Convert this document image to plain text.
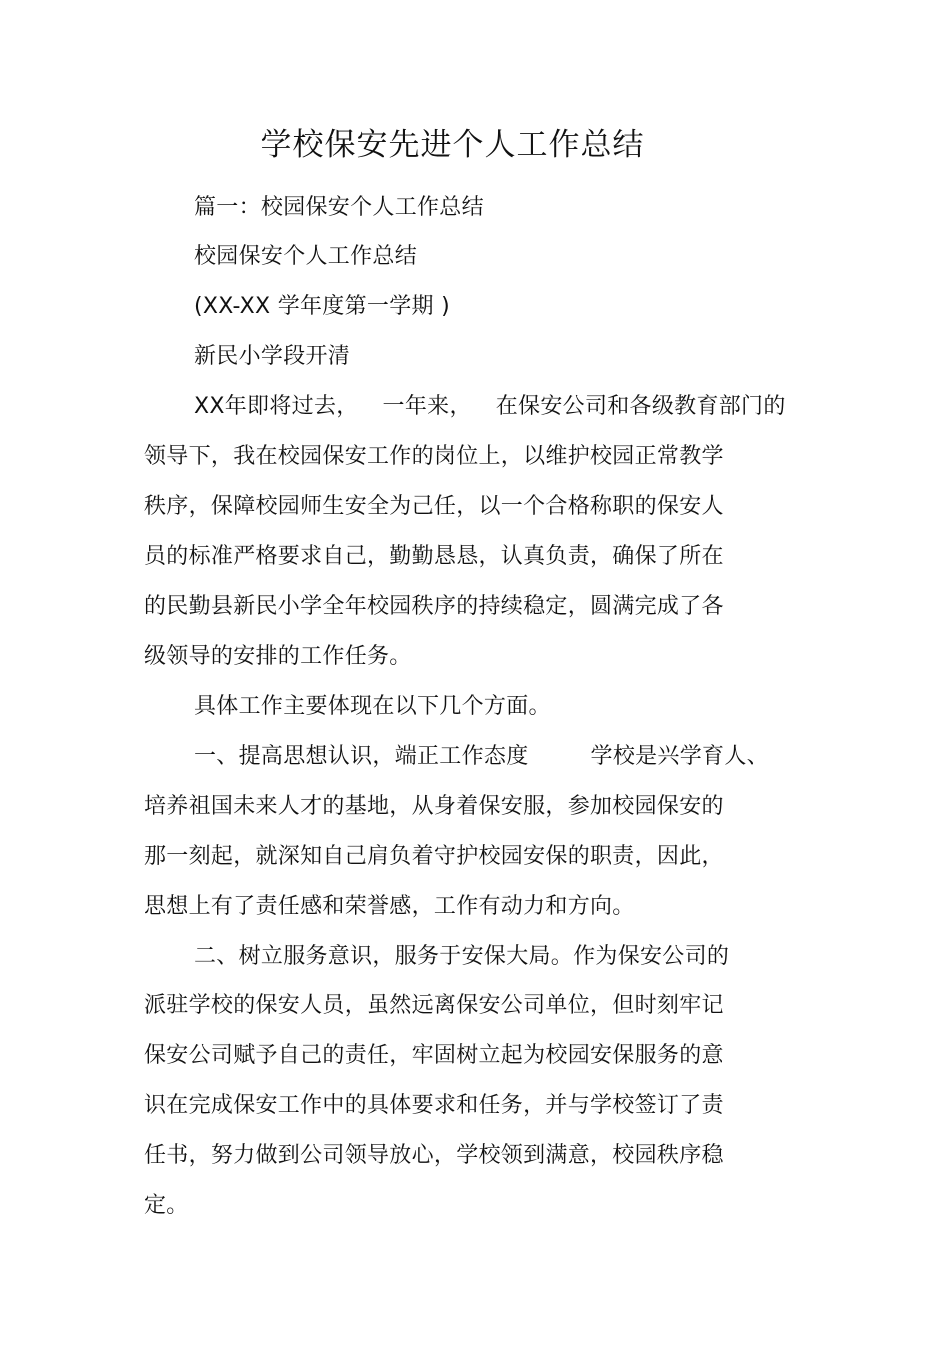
学校保安先进个人工作总结
篇一：校园保安个人工作总结
校园保安个人工作总结
(XX-XX 学年度第一学期 )
新民小学段开清
XX年即将过去， 一年来， 在保安公司和各级教育部门的
领导下，我在校园保安工作的岗位上，以维护校园正常教学
秩序，保障校园师生安全为己任，以一个合格称职的保安人
员的标准严格要求自己，勤勤恳恳，认真负责，确保了所在
的民勤县新民小学全年校园秩序的持续稳定，圆满完成了各
级领导的安排的工作任务。
具体工作主要体现在以下几个方面。
一、提高思想认识，端正工作态度	学校是兴学育人、
培养祖国未来人才的基地，从身着保安服，参加校园保安的
那一刻起，就深知自己肩负着守护校园安保的职责，因此，
思想上有了责任感和荣誉感，工作有动力和方向。
二、树立服务意识，服务于安保大局。作为保安公司的
派驻学校的保安人员，虽然远离保安公司单位，但时刻牢记
保安公司赋予自己的责任，牢固树立起为校园安保服务的意
识在完成保安工作中的具体要求和任务，并与学校签订了责
任书，努力做到公司领导放心，学校领到满意，校园秩序稳
定。
